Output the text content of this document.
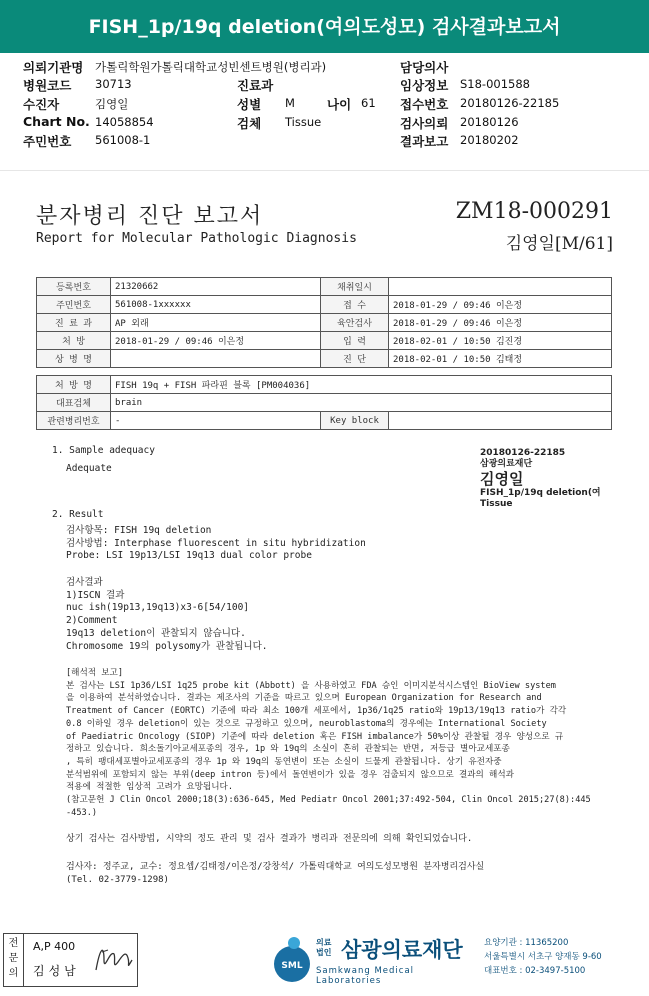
FISH_1p/19q deletion(여의도성모) 검사결과보고서
의뢰기관명 가톨릭학원가톨릭대학교성빈센트병원(병리과)
병원코드 30713
수진자	김영일
Chart No. 14058854
주민번호 561008-1
진료과
성별 M	나이 61
검체 Tissue
담당의사
임상정보 S18-001588
접수번호 20180126-22185
검사의뢰 20180126
결과보고 20180202
분자병리 진단 보고서
Report for Molecular Pathologic Diagnosis
ZM18-000291
김영일[M/61]
등록번호	21320662	채취일시	
주민번호	561008-1xxxxxx	접 수	2018-01-29 / 09:46 이은정
진 료 과	AP 외래	육안검사	2018-01-29 / 09:46 이은정
처 방	2018-01-29 / 09:46 이은정	입 력	2018-02-01 / 10:50 김진경
상 병 명		진 단	2018-02-01 / 10:50 김태정
처 방 명	FISH 19q + FISH 파라핀 블록 [PM004036]		
대표검체	brain		
관련병리번호	-	Key block	
1. Sample adequacy
Adequate
20180126-22185
삼광의료재단
김영일
FISH_1p/19q deletion(여
Tissue
2. Result
검사항목: FISH 19q deletion
검사방법: Interphase fluorescent in situ hybridization
Probe: LSI 19p13/LSI 19q13 dual color probe
검사결과
1)ISCN 결과
nuc ish(19p13,19q13)x3-6[54/100]
2)Comment
19q13 deletion이 관찰되지 않습니다.
Chromosome 19의 polysomy가 관찰됩니다.
[해석적 보고]
본 검사는 LSI 1p36/LSI 1q25 probe kit (Abbott) 을 사용하였고 FDA 승인 이미지분석시스템인 BioView system
을 이용하여 분석하였습니다. 결과는 제조사의 기준을 따르고 있으며 European Organization for Research and
Treatment of Cancer (EORTC) 기준에 따라 최소 100개 세포에서, 1p36/1q25 ratio와 19p13/19q13 ratio가 각각
0.8 이하일 경우 deletion이 있는 것으로 규정하고 있으며, neuroblastoma의 경우에는 International Society
of Paediatric Oncology (SIOP) 기준에 따라 deletion 혹은 FISH imbalance가 50%이상 관찰될 경우 양성으로 규
정하고 있습니다. 희소돌기아교세포종의 경우, 1p 와 19q의 소실이 흔히 관찰되는 반면, 저등급 별아교세포종
, 특히 팽대세포별아교세포종의 경우 1p 와 19q의 동연변이 또는 소실이 드물게 관찰됩니다. 상기 유전자중
분석범위에 포함되지 않는 부위(deep intron 등)에서 돌연변이가 있을 경우 검출되지 않으므로 결과의 해석과
적용에 적절한 임상적 고려가 요망됩니다.
(참고문헌 J Clin Oncol 2000;18(3):636-645, Med Pediatr Oncol 2001;37:492-504, Clin Oncol 2015;27(8):445
-453.)
상기 검사는 검사방법, 시약의 정도 관리 및 검사 결과가 병리과 전문의에 의해 확인되었습니다.
검사자: 정주교, 교수: 정요셉/김태정/이은정/강창석/ 가톨릭대학교 여의도성모병원 분자병리검사실
(Tel. 02-3779-1298)
전문의
A,P 400
김성남	SML
의료 법인 삼광의료재단
Samkwang Medical Laboratories
요양기관 : 11365200
서울특별시 서초구 양재동 9-60
대표번호 : 02-3497-5100
